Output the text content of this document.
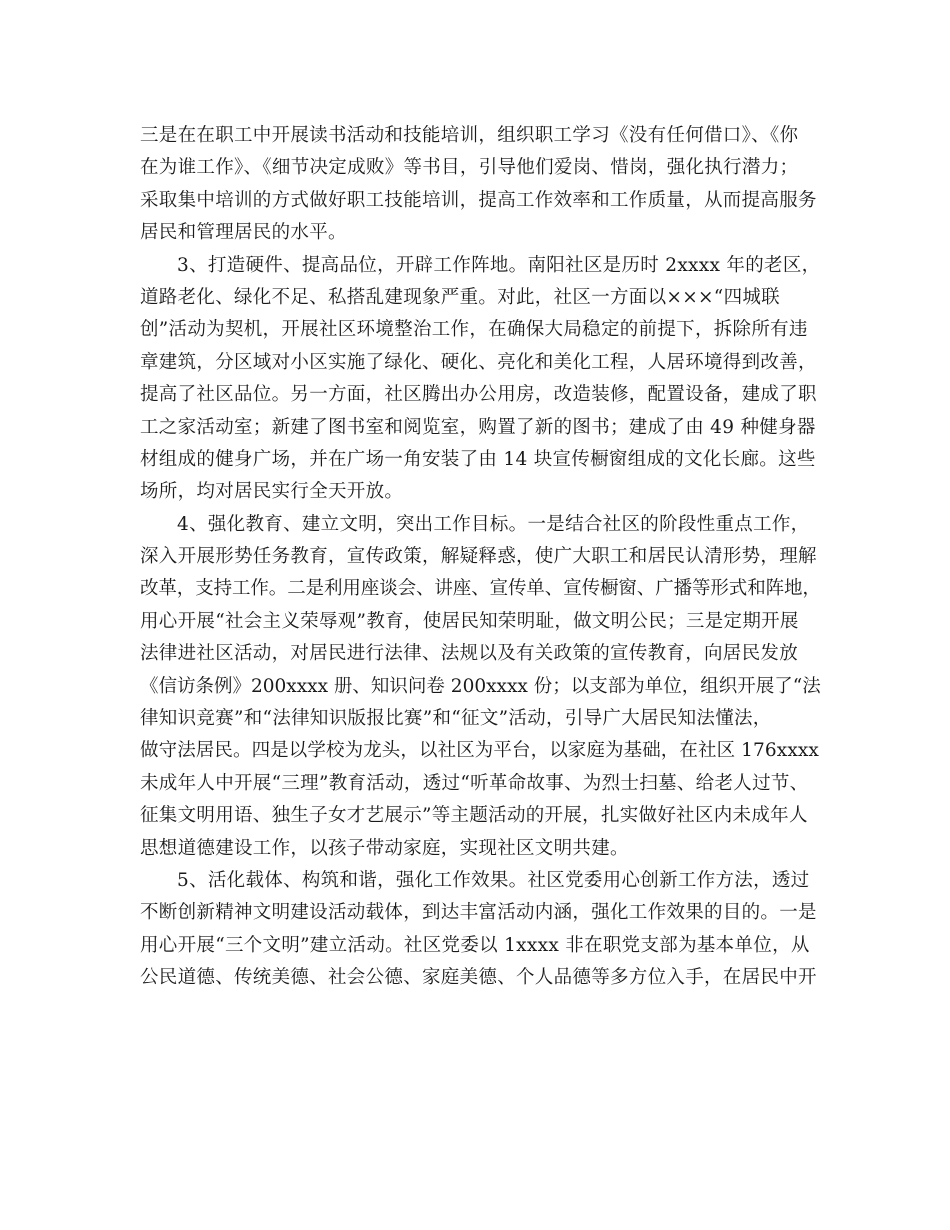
三是在在职工中开展读书活动和技能培训，组织职工学习《没有任何借口》、《你
在为谁工作》、《细节决定成败》等书目，引导他们爱岗、惜岗，强化执行潜力；
采取集中培训的方式做好职工技能培训，提高工作效率和工作质量，从而提高服务
居民和管理居民的水平。
3、打造硬件、提高品位，开辟工作阵地。南阳社区是历时 2xxxx 年的老区，
道路老化、绿化不足、私搭乱建现象严重。对此，社区一方面以×××“四城联
创”活动为契机，开展社区环境整治工作，在确保大局稳定的前提下，拆除所有违
章建筑，分区域对小区实施了绿化、硬化、亮化和美化工程，人居环境得到改善，
提高了社区品位。另一方面，社区腾出办公用房，改造装修，配置设备，建成了职
工之家活动室；新建了图书室和阅览室，购置了新的图书；建成了由 49 种健身器
材组成的健身广场，并在广场一角安装了由 14 块宣传橱窗组成的文化长廊。这些
场所，均对居民实行全天开放。
4、强化教育、建立文明，突出工作目标。一是结合社区的阶段性重点工作，
深入开展形势任务教育，宣传政策，解疑释惑，使广大职工和居民认清形势，理解
改革，支持工作。二是利用座谈会、讲座、宣传单、宣传橱窗、广播等形式和阵地，
用心开展“社会主义荣辱观”教育，使居民知荣明耻，做文明公民；三是定期开展
法律进社区活动，对居民进行法律、法规以及有关政策的宣传教育，向居民发放
《信访条例》200xxxx 册、知识问卷 200xxxx 份；以支部为单位，组织开展了“法
律知识竞赛”和“法律知识版报比赛”和“征文”活动，引导广大居民知法懂法，
做守法居民。四是以学校为龙头，以社区为平台，以家庭为基础，在社区 176xxxx
未成年人中开展“三理”教育活动，透过“听革命故事、为烈士扫墓、给老人过节、
征集文明用语、独生子女才艺展示”等主题活动的开展，扎实做好社区内未成年人
思想道德建设工作，以孩子带动家庭，实现社区文明共建。
5、活化载体、构筑和谐，强化工作效果。社区党委用心创新工作方法，透过
不断创新精神文明建设活动载体，到达丰富活动内涵，强化工作效果的目的。一是
用心开展“三个文明”建立活动。社区党委以 1xxxx 非在职党支部为基本单位，从
公民道德、传统美德、社会公德、家庭美德、个人品德等多方位入手，在居民中开
